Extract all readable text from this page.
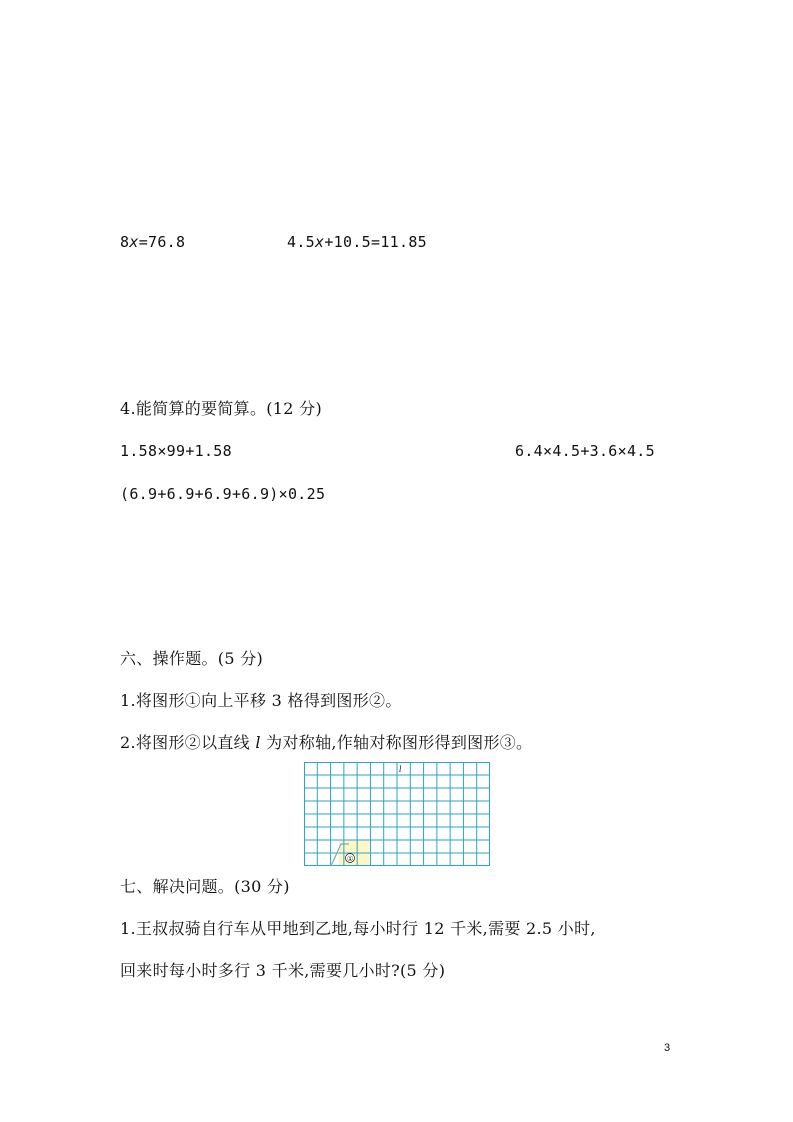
8x=76.8	4.5x+10.5=11.85
4.能简算的要简算。(12 分)
1.58×99+1.58	6.4×4.5+3.6×4.5
(6.9+6.9+6.9+6.9)×0.25
六、操作题。(5 分)
1.将图形①向上平移 3 格得到图形②。
2.将图形②以直线 l 为对称轴,作轴对称图形得到图形③。
l
①
七、解决问题。(30 分)
1.王叔叔骑自行车从甲地到乙地,每小时行 12 千米,需要 2.5 小时,
回来时每小时多行 3 千米,需要几小时?(5 分)
3
